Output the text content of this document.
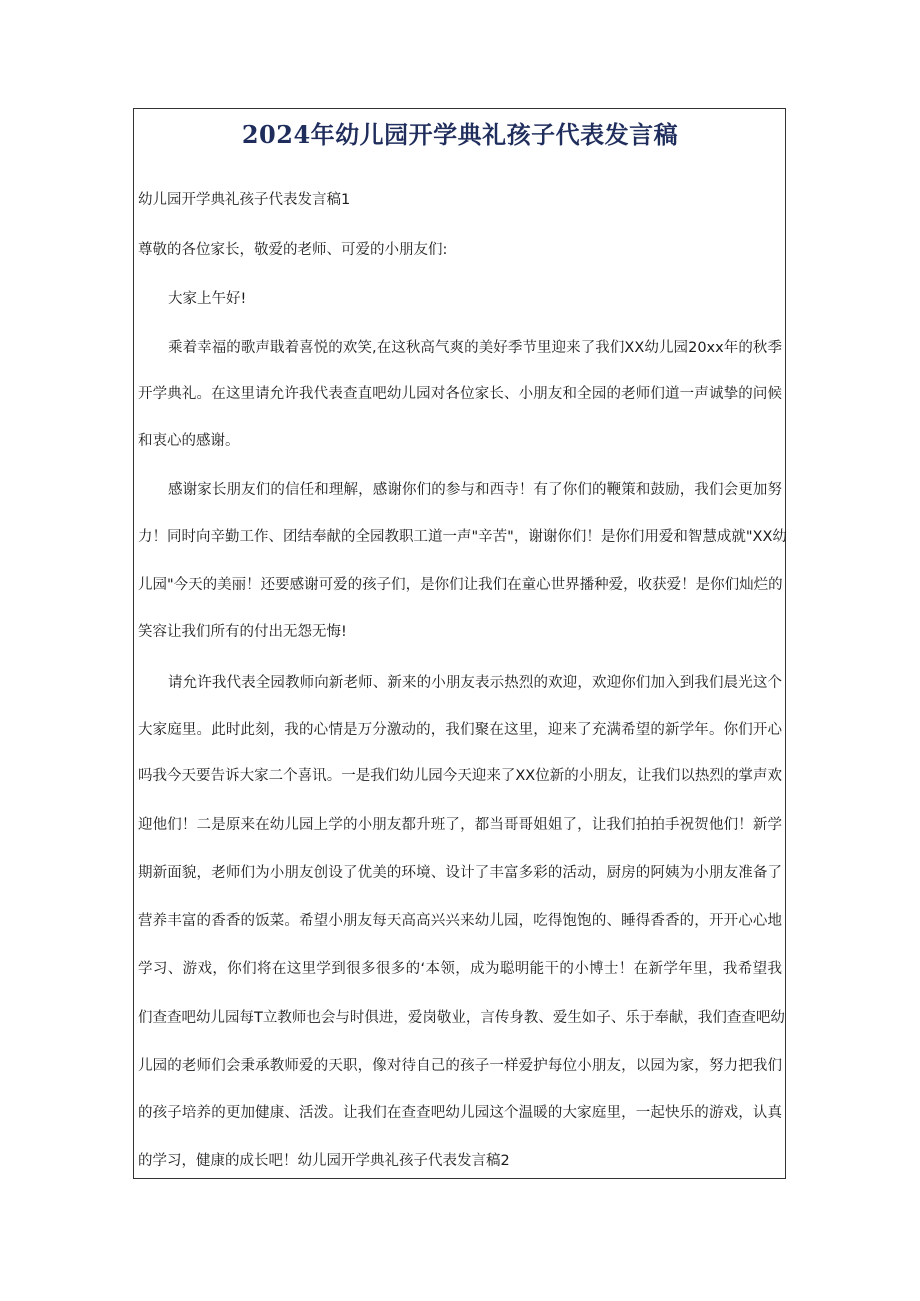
2024年幼儿园开学典礼孩子代表发言稿
幼儿园开学典礼孩子代表发言稿1
尊敬的各位家长，敬爱的老师、可爱的小朋友们:
大家上午好!
乘着幸福的歌声戢着喜悦的欢笑,在这秋高气爽的美好季节里迎来了我们XX幼儿园20xx年的秋季
开学典礼。在这里请允许我代表查直吧幼儿园对各位家长、小朋友和全园的老师们道一声诚挚的问候
和衷心的感谢。
感谢家长朋友们的信任和理解，感谢你们的参与和西寺！有了你们的鞭策和鼓励，我们会更加努
力！同时向辛勤工作、团结奉献的全园教职工道一声"辛苦"，谢谢你们！是你们用爱和智慧成就"XX幼
儿园"今天的美丽！还要感谢可爱的孩子们，是你们让我们在童心世界播种爱，收获爱！是你们灿烂的
笑容让我们所有的付出无怨无悔!
请允许我代表全园教师向新老师、新来的小朋友表示热烈的欢迎，欢迎你们加入到我们晨光这个
大家庭里。此时此刻，我的心情是万分激动的，我们聚在这里，迎来了充满希望的新学年。你们开心
吗我今天要告诉大家二个喜讯。一是我们幼儿园今天迎来了XX位新的小朋友，让我们以热烈的掌声欢
迎他们！二是原来在幼儿园上学的小朋友都升班了，都当哥哥姐姐了，让我们拍拍手祝贺他们！新学
期新面貌，老师们为小朋友创设了优美的环境、设计了丰富多彩的活动，厨房的阿姨为小朋友准备了
营养丰富的香香的饭菜。希望小朋友每天高高兴兴来幼儿园，吃得饱饱的、睡得香香的，开开心心地
学习、游戏，你们将在这里学到很多很多的‘本领，成为聪明能干的小博士！在新学年里，我希望我
们查查吧幼儿园每T立教师也会与时俱进，爱岗敬业，言传身教、爱生如子、乐于奉献，我们查查吧幼
儿园的老师们会秉承教师爱的天职，像对待自己的孩子一样爱护每位小朋友，以园为家，努力把我们
的孩子培养的更加健康、活泼。让我们在查查吧幼儿园这个温暖的大家庭里，一起快乐的游戏，认真
的学习，健康的成长吧！幼儿园开学典礼孩子代表发言稿2
